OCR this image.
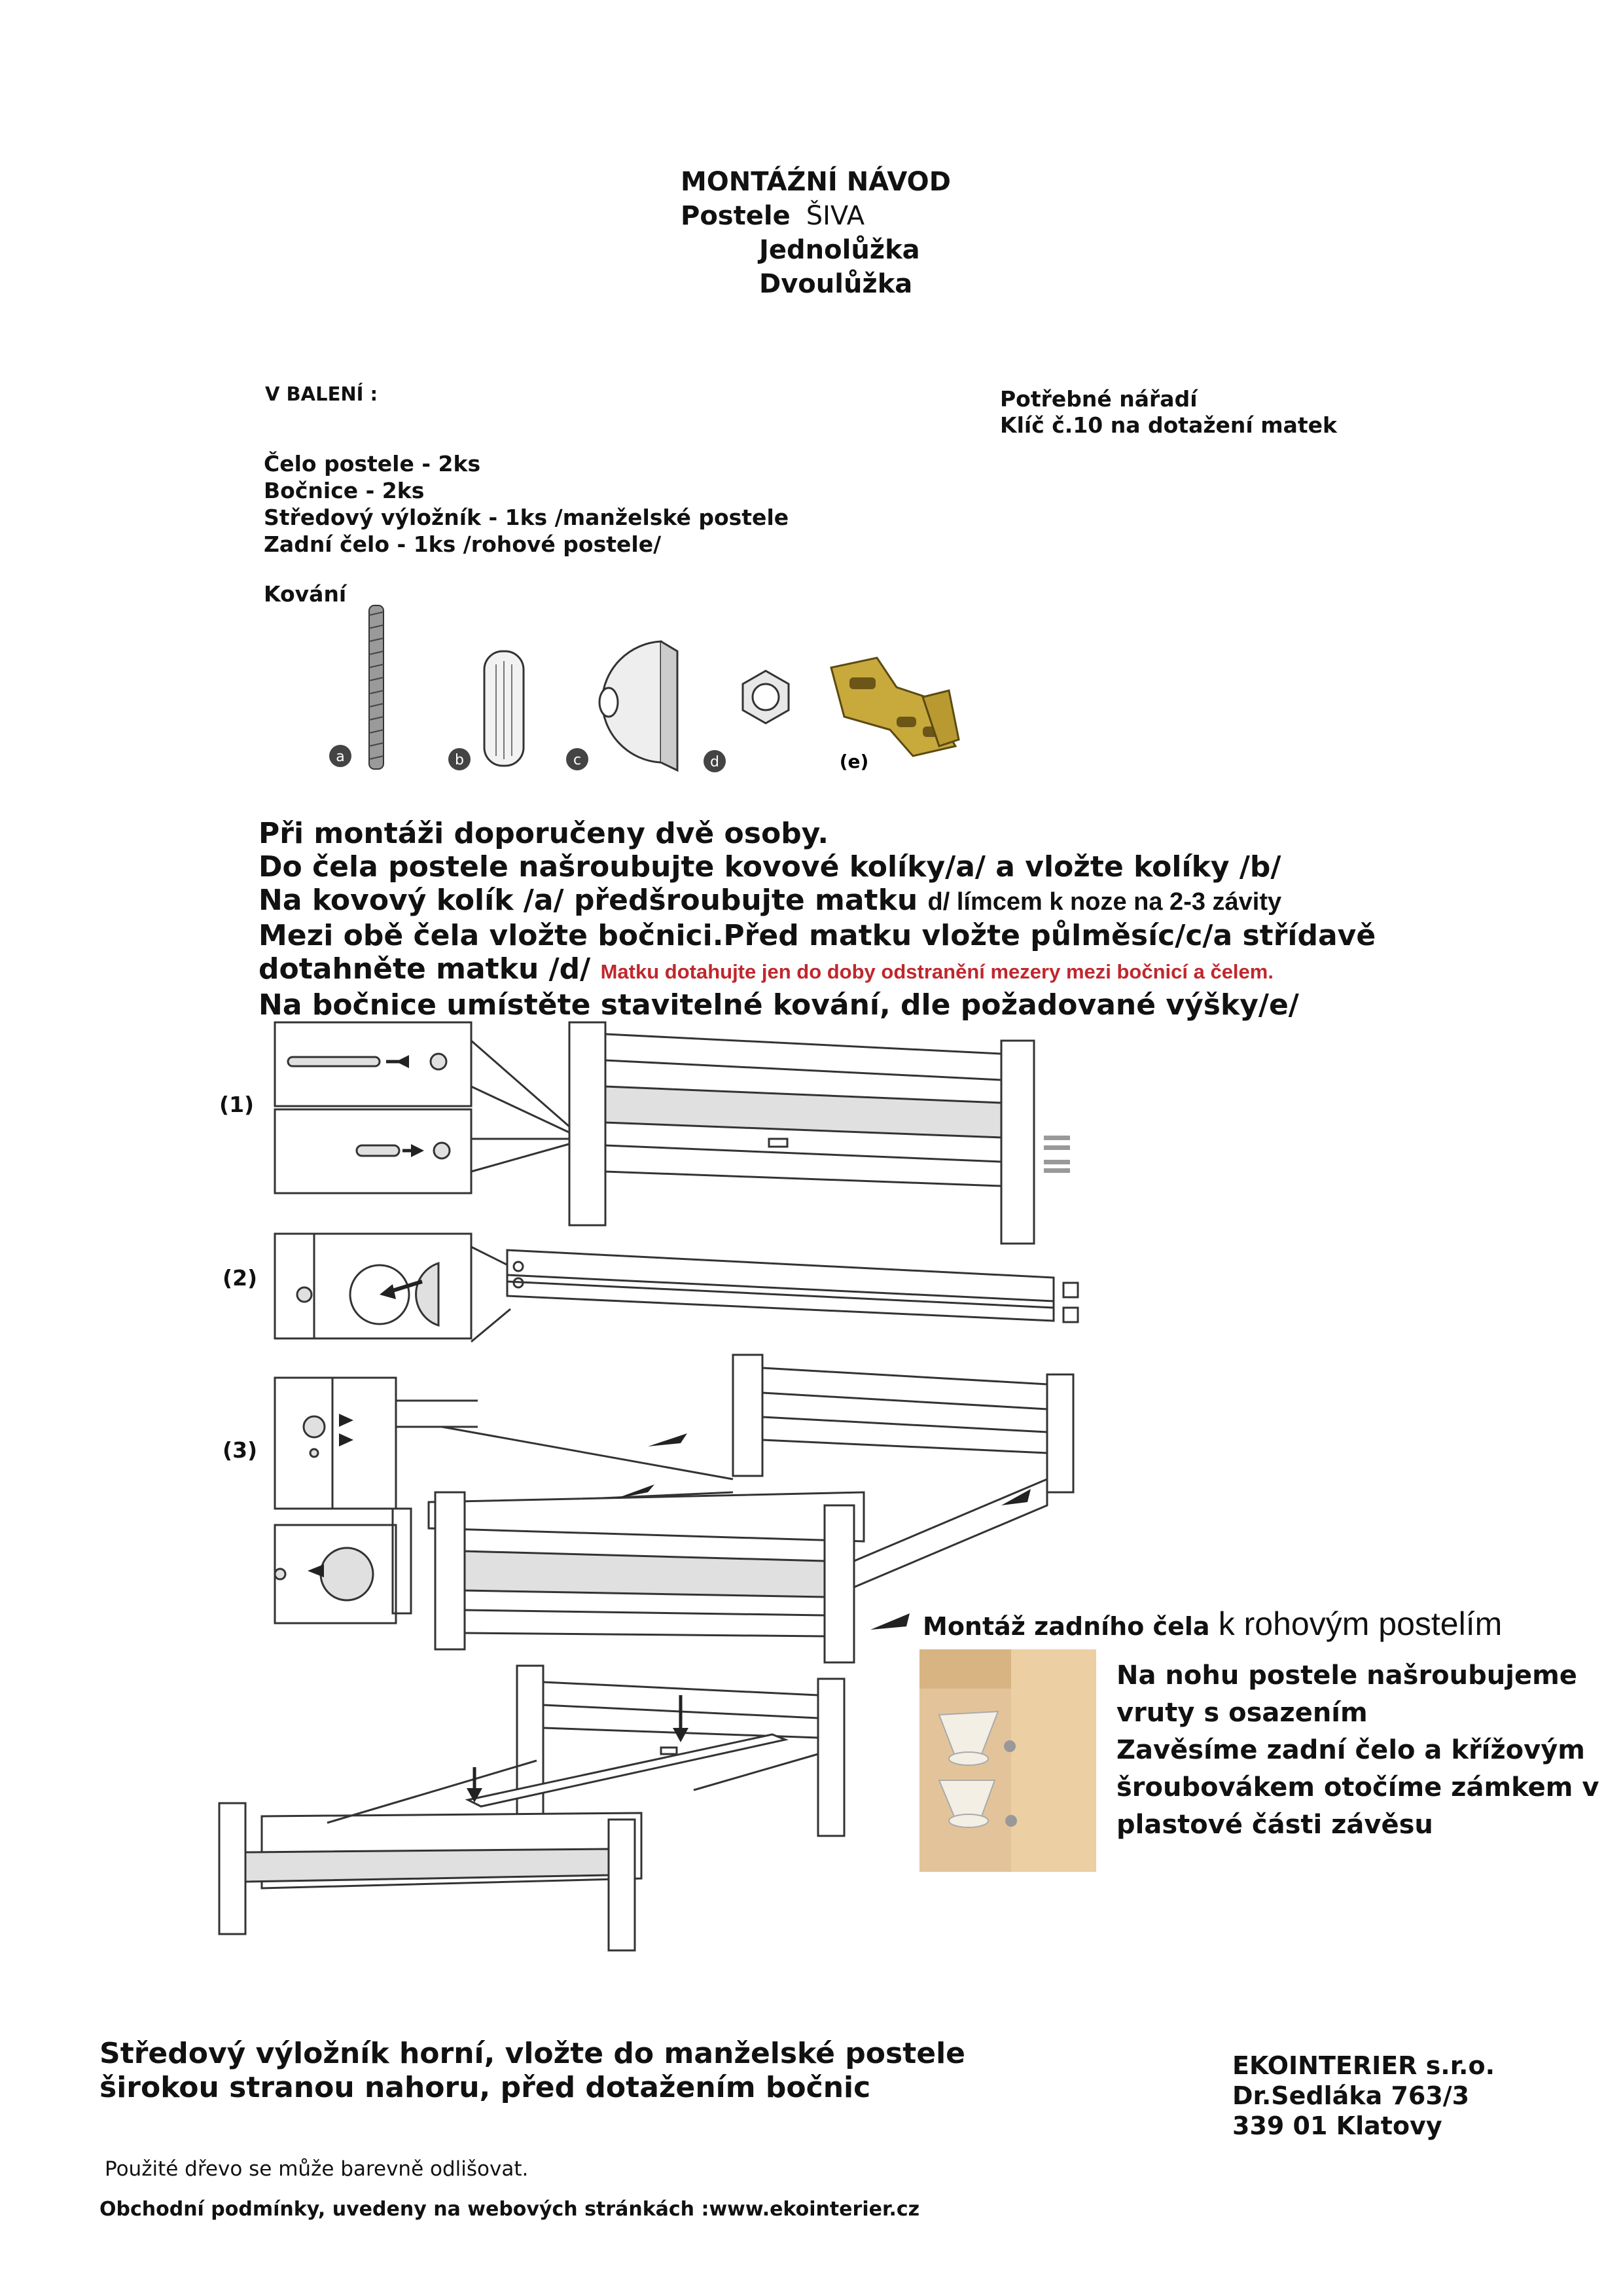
MONTÁŹNÍ NÁVOD
Postele ŠIVA
Jednolůžka
Dvoulůžka
V BALENÍ :	Potřebné nářadí
Klíč č.10 na dotažení matek
Čelo postele - 2ks
Bočnice - 2ks
Středový výložník - 1ks /manželské postele
Zadní čelo - 1ks /rohové postele/
Kování
a	b	c	d	(e)
Při montáži doporučeny dvě osoby.
Do čela postele našroubujte kovové kolíky/a/ a vložte kolíky /b/
Na kovový kolík /a/ předšroubujte matku d/ límcem k noze na 2-3 závity
Mezi obě čela vložte bočnici.Před matku vložte půlměsíc/c/a střídavě
dotahněte matku /d/ Matku dotahujte jen do doby odstranění mezery mezi bočnicí a čelem.
Na bočnice umístěte stavitelné kování, dle požadované výšky/e/
(1)
(2)
(3)
Montáž zadního čela k rohovým postelím
Na nohu postele našroubujeme
vruty s osazením
Zavěsíme zadní čelo a křížovým
šroubovákem otočíme zámkem v
plastové části závěsu
Středový výložník horní, vložte do manželské postele
širokou stranou nahoru, před dotažením bočnic
EKOINTERIER s.r.o.
Dr.Sedláka 763/3
339 01 Klatovy
Použité dřevo se může barevně odlišovat.
Obchodní podmínky, uvedeny na webových stránkách :www.ekointerier.cz
